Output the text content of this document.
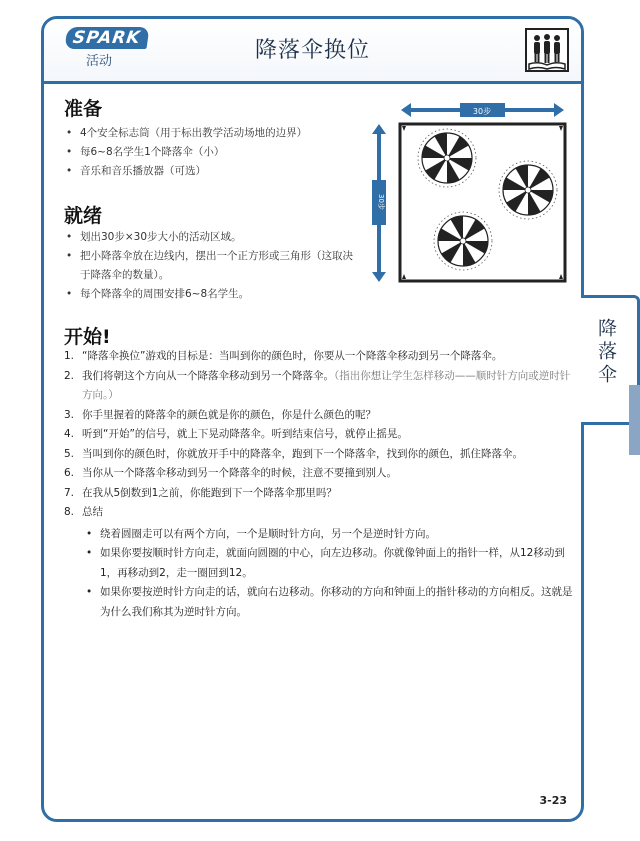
SPARK
活动	降落伞换位
降落伞
准备
• 4个安全标志筒（用于标出教学活动场地的边界）
• 每6~8名学生1个降落伞（小）
• 音乐和音乐播放器（可选）
就绪
• 划出30步×30步大小的活动区域。
• 把小降落伞放在边线内，摆出一个正方形或三角形（这取决于降落伞的数量）。
• 每个降落伞的周围安排6~8名学生。
30步
30步
开始!
1. “降落伞换位”游戏的目标是：当叫到你的颜色时，你要从一个降落伞移动到另一个降落伞。
2. 我们将朝这个方向从一个降落伞移动到另一个降落伞。（指出你想让学生怎样移动——顺时针方向或逆时针方向。）
3. 你手里握着的降落伞的颜色就是你的颜色，你是什么颜色的呢？
4. 听到“开始”的信号，就上下晃动降落伞。听到结束信号，就停止摇晃。
5. 当叫到你的颜色时，你就放开手中的降落伞，跑到下一个降落伞，找到你的颜色，抓住降落伞。
6. 当你从一个降落伞移动到另一个降落伞的时候，注意不要撞到别人。
7. 在我从5倒数到1之前，你能跑到下一个降落伞那里吗？
8. 总结
• 绕着圆圈走可以有两个方向，一个是顺时针方向，另一个是逆时针方向。
• 如果你要按顺时针方向走，就面向圆圈的中心，向左边移动。你就像钟面上的指针一样，从12移动到1，再移动到2，走一圈回到12。
• 如果你要按逆时针方向走的话，就向右边移动。你移动的方向和钟面上的指针移动的方向相反。这就是为什么我们称其为逆时针方向。
3-23
